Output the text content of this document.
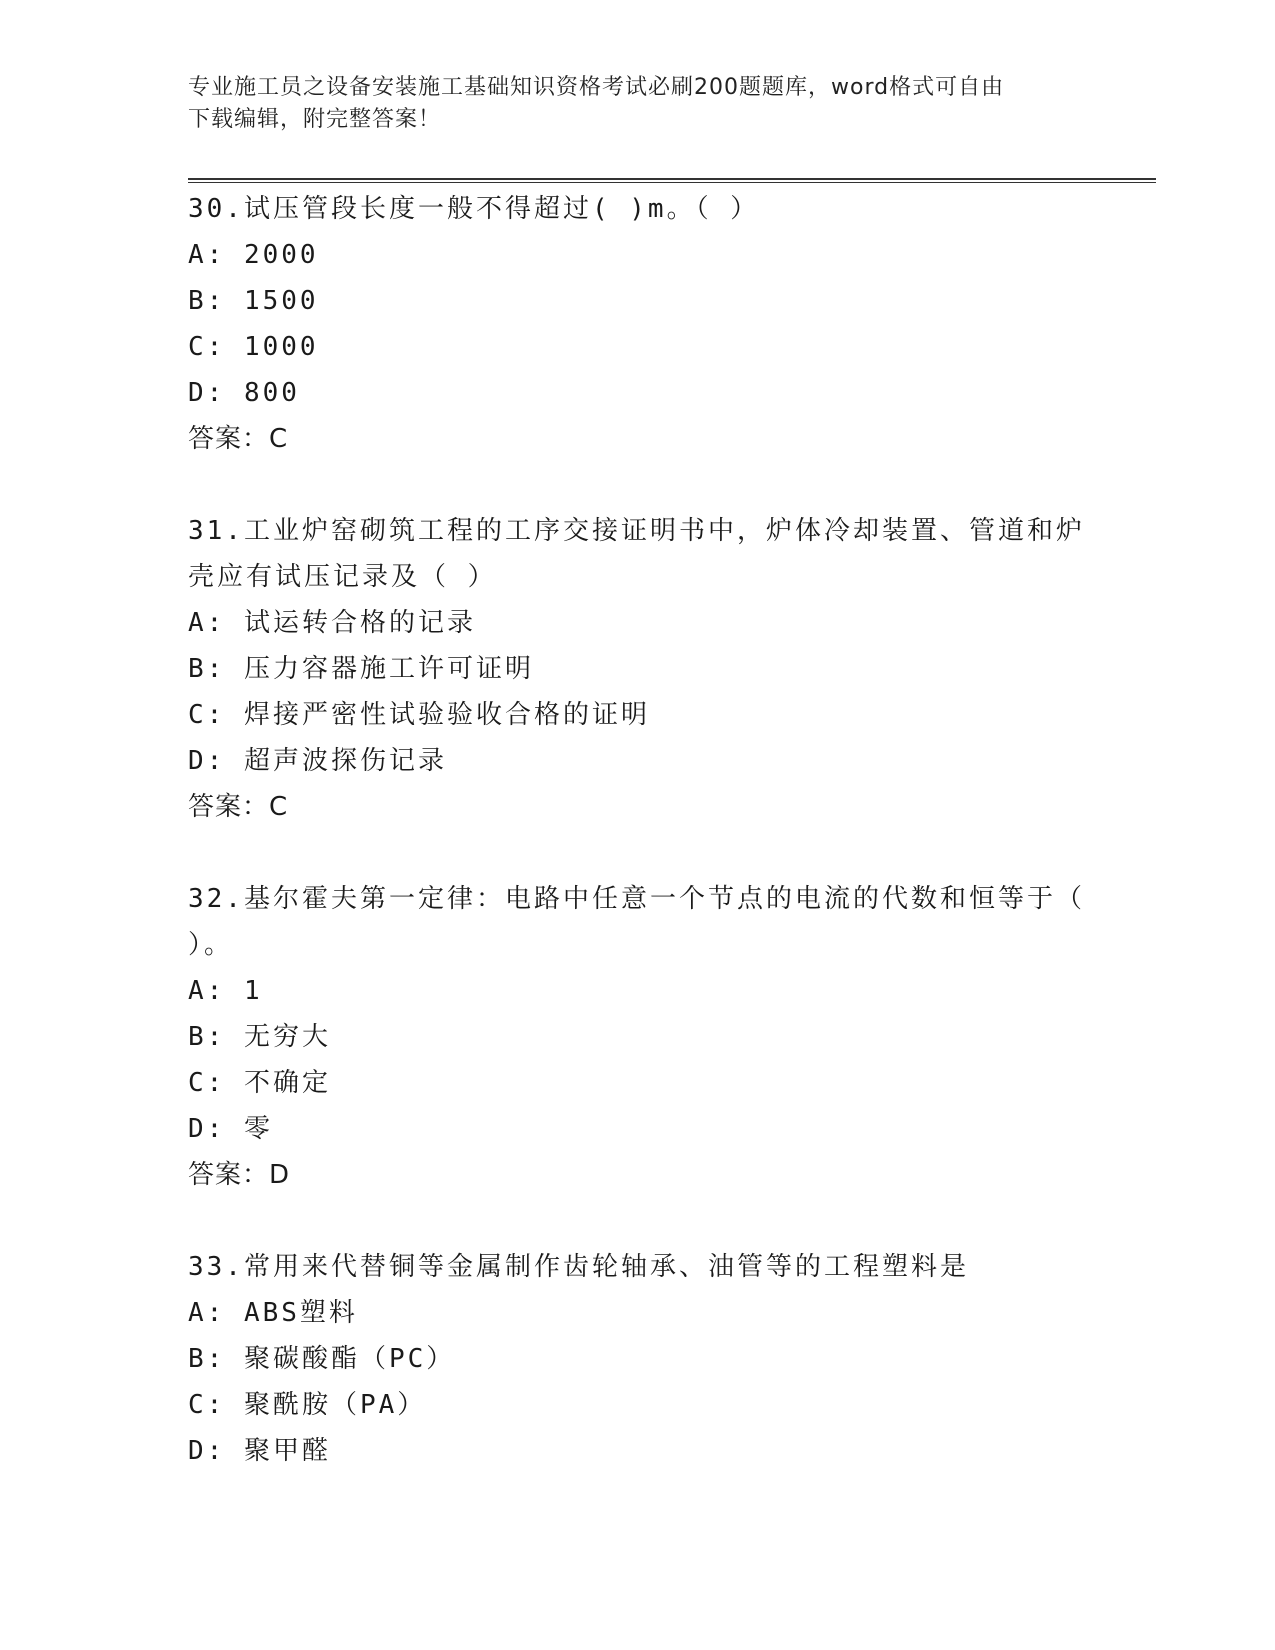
专业施工员之设备安装施工基础知识资格考试必刷200题题库，word格式可自由
下载编辑，附完整答案！
30.试压管段长度一般不得超过( )m。（ ）
A: 2000
B: 1500
C: 1000
D: 800
答案：C
31.工业炉窑砌筑工程的工序交接证明书中，炉体冷却装置、管道和炉
壳应有试压记录及（ ）
A: 试运转合格的记录
B: 压力容器施工许可证明
C: 焊接严密性试验验收合格的证明
D: 超声波探伤记录
答案：C
32.基尔霍夫第一定律：电路中任意一个节点的电流的代数和恒等于（
）。
A: 1
B: 无穷大
C: 不确定
D: 零
答案：D
33.常用来代替铜等金属制作齿轮轴承、油管等的工程塑料是
A: ABS塑料
B: 聚碳酸酯（PC）
C: 聚酰胺（PA）
D: 聚甲醛
